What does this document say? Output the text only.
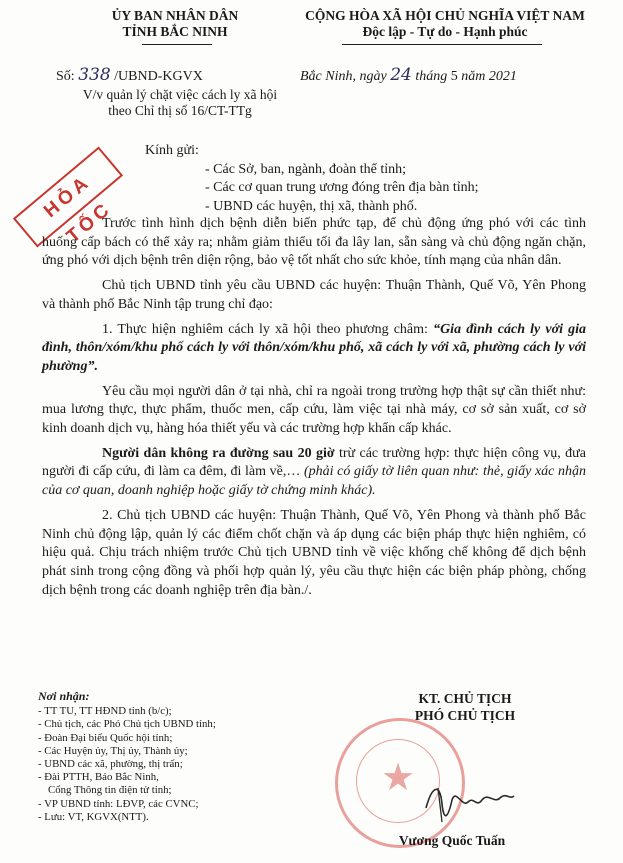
ỦY BAN NHÂN DÂN
TỈNH BẮC NINH
CỘNG HÒA XÃ HỘI CHỦ NGHĨA VIỆT NAM
Độc lập - Tự do - Hạnh phúc
Số: 338 /UBND-KGVX	Bắc Ninh, ngày 24 tháng 5 năm 2021
V/v quản lý chặt việc cách ly xã hội
theo Chỉ thị số 16/CT-TTg
HỎA TỐC
Kính gửi:
- Các Sở, ban, ngành, đoàn thể tỉnh;
- Các cơ quan trung ương đóng trên địa bàn tỉnh;
- UBND các huyện, thị xã, thành phố.

Trước tình hình dịch bệnh diễn biến phức tạp, để chủ động ứng phó với các tình huống cấp bách có thể xảy ra; nhằm giảm thiểu tối đa lây lan, sẵn sàng và chủ động ngăn chặn, ứng phó với dịch bệnh trên diện rộng, bảo vệ tốt nhất cho sức khỏe, tính mạng của nhân dân.

Chủ tịch UBND tỉnh yêu cầu UBND các huyện: Thuận Thành, Quế Võ, Yên Phong và thành phố Bắc Ninh tập trung chỉ đạo:

1. Thực hiện nghiêm cách ly xã hội theo phương châm: “Gia đình cách ly với gia đình, thôn/xóm/khu phố cách ly với thôn/xóm/khu phố, xã cách ly với xã, phường cách ly với phường”.

Yêu cầu mọi người dân ở tại nhà, chỉ ra ngoài trong trường hợp thật sự cần thiết như: mua lương thực, thực phẩm, thuốc men, cấp cứu, làm việc tại nhà máy, cơ sở sản xuất, cơ sở kinh doanh dịch vụ, hàng hóa thiết yếu và các trường hợp khẩn cấp khác.

Người dân không ra đường sau 20 giờ trừ các trường hợp: thực hiện công vụ, đưa người đi cấp cứu, đi làm ca đêm, đi làm về,… (phải có giấy tờ liên quan như: thẻ, giấy xác nhận của cơ quan, doanh nghiệp hoặc giấy tờ chứng minh khác).

2. Chủ tịch UBND các huyện: Thuận Thành, Quế Võ, Yên Phong và thành phố Bắc Ninh chủ động lập, quản lý các điểm chốt chặn và áp dụng các biện pháp thực hiện nghiêm, có hiệu quả. Chịu trách nhiệm trước Chủ tịch UBND tỉnh về việc khống chế không để dịch bệnh phát sinh trong cộng đồng và phối hợp quản lý, yêu cầu thực hiện các biện pháp phòng, chống dịch bệnh trong các doanh nghiệp trên địa bàn./.

Nơi nhận:
- TT TU, TT HĐND tỉnh (b/c);
- Chủ tịch, các Phó Chủ tịch UBND tỉnh;
- Đoàn Đại biểu Quốc hội tỉnh;
- Các Huyện ủy, Thị ủy, Thành ủy;
- UBND các xã, phường, thị trấn;
- Đài PTTH, Báo Bắc Ninh,
Cổng Thông tin điện tử tỉnh;
- VP UBND tỉnh: LĐVP, các CVNC;
- Lưu: VT, KGVX(NTT).
KT. CHỦ TỊCH
PHÓ CHỦ TỊCH
★
Vương Quốc Tuấn
